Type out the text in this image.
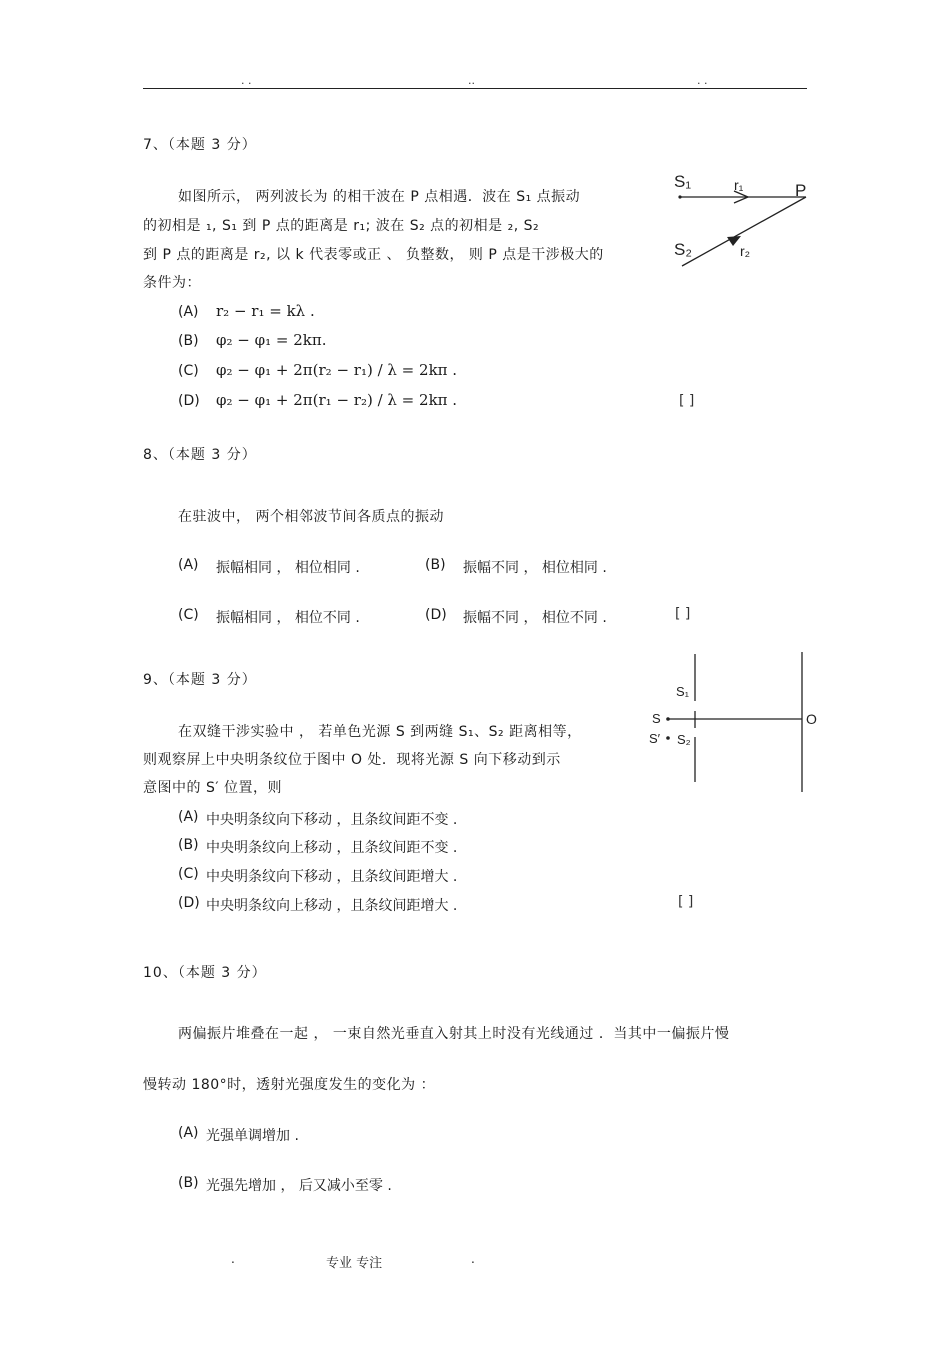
. .	..	. .
7、（本题 3 分）
如图所示， 两列波长为 的相干波在 P 点相遇．波在 S₁ 点振动
的初相是 ₁, S₁ 到 P 点的距离是 r₁; 波在 S₂ 点的初相是 ₂, S₂
到 P 点的距离是 r₂, 以 k 代表零或正 、 负整数， 则 P 点是干涉极大的
条件为：
(A) r₂ − r₁ = kλ .
(B) φ₂ − φ₁ = 2kπ.
(C) φ₂ − φ₁ + 2π(r₂ − r₁) / λ = 2kπ .
(D) φ₂ − φ₁ + 2π(r₁ − r₂) / λ = 2kπ .	[ ]
S₁	r₁	P
S₂	r₂
8、（本题 3 分）
在驻波中， 两个相邻波节间各质点的振动
(A) 振幅相同 ， 相位相同 .	(B) 振幅不同 ， 相位相同 .
(C) 振幅相同 ， 相位不同 .	(D) 振幅不同 ， 相位不同 .	[ ]
9、（本题 3 分）
在双缝干涉实验中 ， 若单色光源 S 到两缝 S₁、S₂ 距离相等，
则观察屏上中央明条纹位于图中 O 处．现将光源 S 向下移动到示
意图中的 S′ 位置，则
(A) 中央明条纹向下移动 ，且条纹间距不变 .
(B) 中央明条纹向上移动 ，且条纹间距不变 .
(C) 中央明条纹向下移动 ，且条纹间距增大 .
(D) 中央明条纹向上移动 ，且条纹间距增大 .	[ ]
S₁
S
S′ S₂
O
10、（本题 3 分）
两偏振片堆叠在一起 ， 一束自然光垂直入射其上时没有光线通过 ．当其中一偏振片慢
慢转动 180°时，透射光强度发生的变化为 ：
(A) 光强单调增加 .
(B) 光强先增加 ， 后又减小至零 .
.	专业 专注	.
